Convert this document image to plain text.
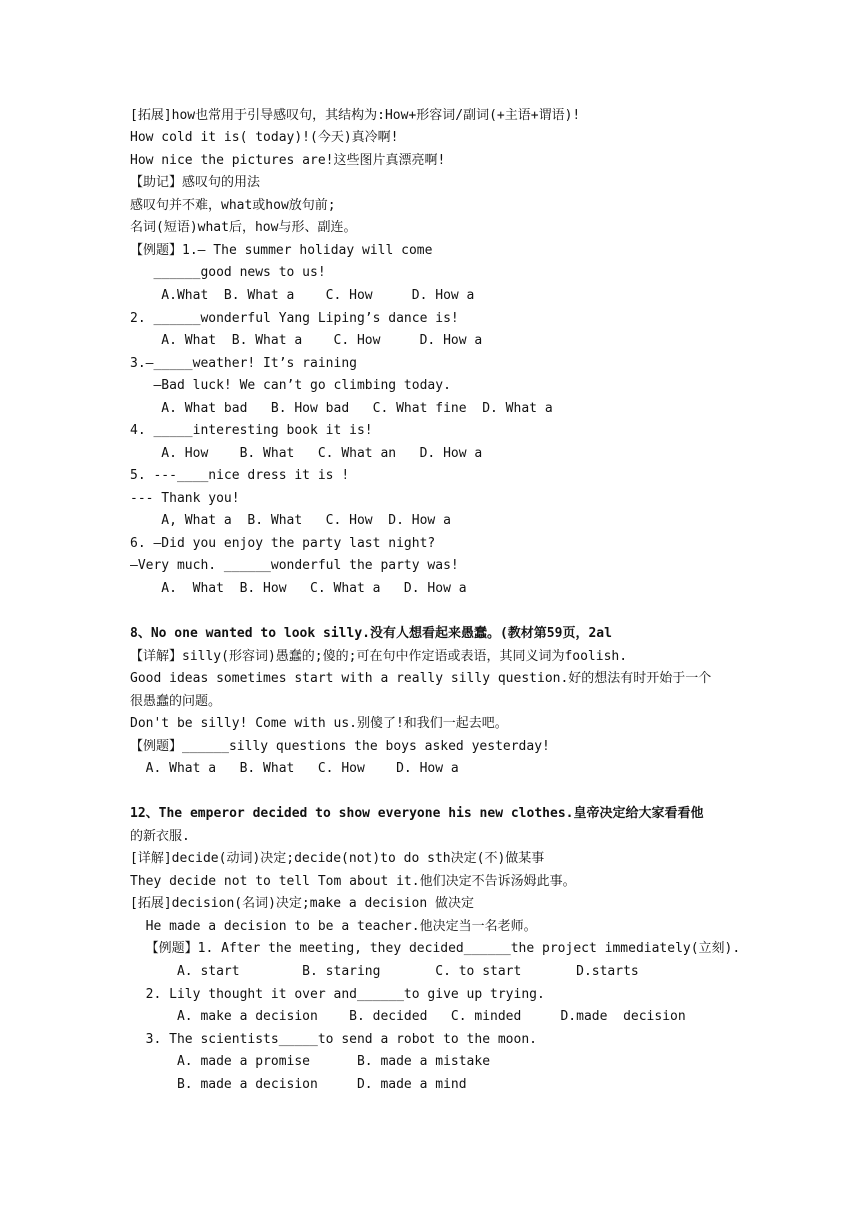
[拓展]how也常用于引导感叹句，其结构为:How+形容词/副词(+主语+谓语)!
How cold it is( today)!(今天)真冷啊!
How nice the pictures are!这些图片真漂亮啊!
【助记】感叹句的用法
感叹句并不难，what或how放句前;
名词(短语)what后，how与形、副连。
【例题】1.— The summer holiday will come
______good news to us!
A.What  B. What a    C. How     D. How a
2. ______wonderful Yang Liping’s dance is!
A. What  B. What a    C. How     D. How a
3.—_____weather! It’s raining
—Bad luck! We can’t go climbing today.
A. What bad   B. How bad   C. What fine  D. What a
4. _____interesting book it is!
A. How    B. What   C. What an   D. How a
5. ---____nice dress it is !
--- Thank you!
A, What a  B. What   C. How  D. How a
6. —Did you enjoy the party last night?
—Very much. ______wonderful the party was!
A.  What  B. How   C. What a   D. How a
8、No one wanted to look silly.没有人想看起来愚蠢。(教材第59页，2al
【详解】silly(形容词)愚蠢的;傻的;可在句中作定语或表语，其同义词为foolish.
Good ideas sometimes start with a really silly question.好的想法有时开始于一个
很愚蠢的问题。
Don't be silly! Come with us.别傻了!和我们一起去吧。
【例题】______silly questions the boys asked yesterday!
A. What a   B. What   C. How    D. How a
12、The emperor decided to show everyone his new clothes.皇帝决定给大家看看他
的新衣服.
[详解]decide(动词)决定;decide(not)to do sth决定(不)做某事
They decide not to tell Tom about it.他们决定不告诉汤姆此事。
[拓展]decision(名词)决定;make a decision 做决定
He made a decision to be a teacher.他决定当一名老师。
【例题】1. After the meeting, they decided______the project immediately(立刻).
A. start        B. staring       C. to start       D.starts
2. Lily thought it over and______to give up trying.
A. make a decision    B. decided   C. minded     D.made  decision
3. The scientists_____to send a robot to the moon.
A. made a promise      B. made a mistake
B. made a decision     D. made a mind
